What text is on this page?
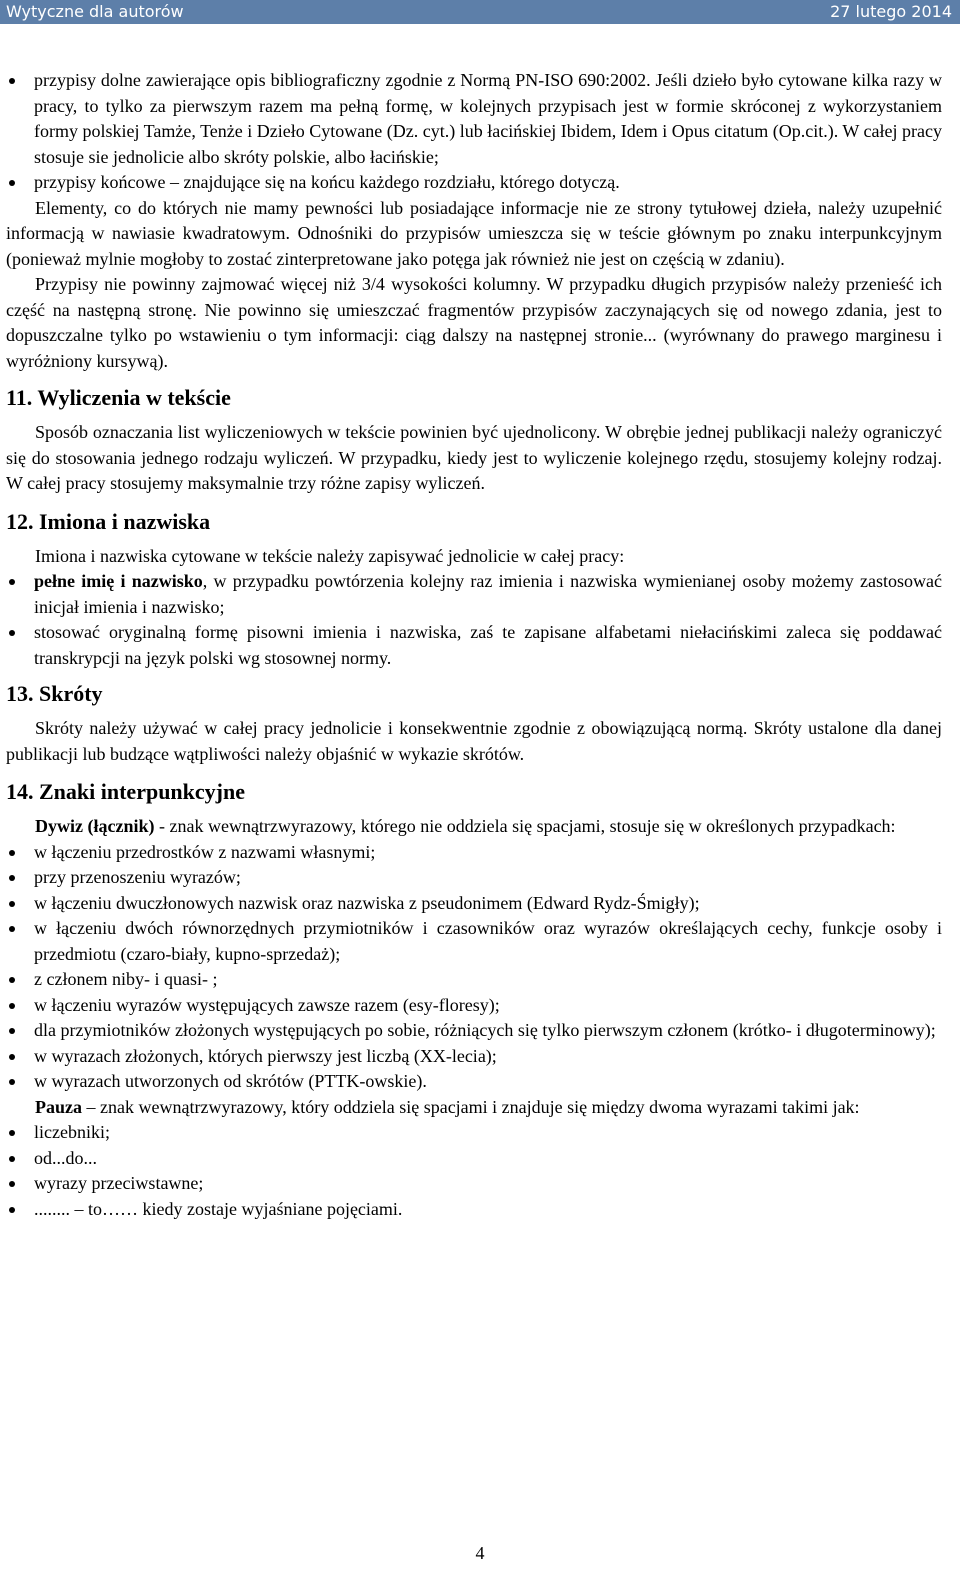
Wytyczne dla autorów	27 lutego 2014
przypisy dolne zawierające opis bibliograficzny zgodnie z Normą PN-ISO 690:2002. Jeśli dzieło było cytowane kilka razy w pracy, to tylko za pierwszym razem ma pełną formę, w kolejnych przypisach jest w formie skróconej z wykorzystaniem formy polskiej Tamże, Tenże i Dzieło Cytowane (Dz. cyt.) lub łacińskiej Ibidem, Idem i Opus citatum (Op.cit.). W całej pracy stosuje sie jednolicie albo skróty polskie, albo łacińskie;
przypisy końcowe – znajdujące się na końcu każdego rozdziału, którego dotyczą.

Elementy, co do których nie mamy pewności lub posiadające informacje nie ze strony tytułowej dzieła, należy uzupełnić informacją w nawiasie kwadratowym. Odnośniki do przypisów umieszcza się w teście głównym po znaku interpunkcyjnym (ponieważ mylnie mogłoby to zostać zinterpretowane jako potęga jak również nie jest on częścią w zdaniu).

Przypisy nie powinny zajmować więcej niż 3/4 wysokości kolumny. W przypadku długich przypisów należy przenieść ich część na następną stronę. Nie powinno się umieszczać fragmentów przypisów zaczynających się od nowego zdania, jest to dopuszczalne tylko po wstawieniu o tym informacji: ciąg dalszy na następnej stronie... (wyrównany do prawego marginesu i wyróżniony kursywą).

11. Wyliczenia w tekście

Sposób oznaczania list wyliczeniowych w tekście powinien być ujednolicony. W obrębie jednej publikacji należy ograniczyć się do stosowania jednego rodzaju wyliczeń. W przypadku, kiedy jest to wyliczenie kolejnego rzędu, stosujemy kolejny rodzaj. W całej pracy stosujemy maksymalnie trzy różne zapisy wyliczeń.

12. Imiona i nazwiska

Imiona i nazwiska cytowane w tekście należy zapisywać jednolicie w całej pracy:

pełne imię i nazwisko, w przypadku powtórzenia kolejny raz imienia i nazwiska wymienianej osoby możemy zastosować inicjał imienia i nazwisko;
stosować oryginalną formę pisowni imienia i nazwiska, zaś te zapisane alfabetami niełacińskimi zaleca się poddawać transkrypcji na język polski wg stosownej normy.
13. Skróty

Skróty należy używać w całej pracy jednolicie i konsekwentnie zgodnie z obowiązującą normą. Skróty ustalone dla danej publikacji lub budzące wątpliwości należy objaśnić w wykazie skrótów.

14. Znaki interpunkcyjne

Dywiz (łącznik) - znak wewnątrzwyrazowy, którego nie oddziela się spacjami, stosuje się w określonych przypadkach:

w łączeniu przedrostków z nazwami własnymi;
przy przenoszeniu wyrazów;
w łączeniu dwuczłonowych nazwisk oraz nazwiska z pseudonimem (Edward Rydz-Śmigły);
w łączeniu dwóch równorzędnych przymiotników i czasowników oraz wyrazów określających cechy, funkcje osoby i przedmiotu (czaro-biały, kupno-sprzedaż);
z członem niby- i quasi- ;
w łączeniu wyrazów występujących zawsze razem (esy-floresy);
dla przymiotników złożonych występujących po sobie, różniących się tylko pierwszym członem (krótko- i długoterminowy);
w wyrazach złożonych, których pierwszy jest liczbą (XX-lecia);
w wyrazach utworzonych od skrótów (PTTK-owskie).

Pauza – znak wewnątrzwyrazowy, który oddziela się spacjami i znajduje się między dwoma wyrazami takimi jak:

liczebniki;
od...do...
wyrazy przeciwstawne;
........ – to…… kiedy zostaje wyjaśniane pojęciami.
4
